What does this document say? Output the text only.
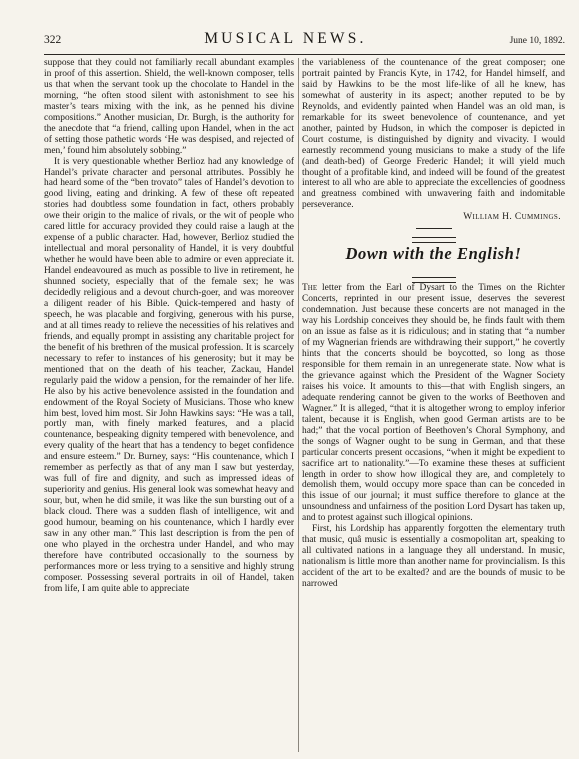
322	MUSICAL NEWS.	June 10, 1892.

suppose that they could not familiarly recall abundant examples in proof of this assertion. Shield, the well-known composer, tells us that when the servant took up the chocolate to Handel in the morning, “he often stood silent with astonishment to see his master’s tears mixing with the ink, as he penned his divine compositions.” Another musician, Dr. Burgh, is the authority for the anecdote that “a friend, calling upon Handel, when in the act of setting those pathetic words ‘He was despised, and rejected of men,’ found him absolutely sobbing.”

It is very questionable whether Berlioz had any knowledge of Handel’s private character and personal attributes. Possibly he had heard some of the “ben trovato” tales of Handel’s devotion to good living, eating and drinking. A few of these oft repeated stories had doubtless some foundation in fact, others probably owe their origin to the malice of rivals, or the wit of people who cared little for accuracy provided they could raise a laugh at the expense of a public character. Had, however, Berlioz studied the intellectual and moral personality of Handel, it is very doubtful whether he would have been able to admire or even appreciate it. Handel endeavoured as much as possible to live in retirement, he shunned society, especially that of the female sex; he was decidedly religious and a devout church-goer, and was moreover a diligent reader of his Bible. Quick-tempered and hasty of speech, he was placable and forgiving, generous with his purse, and at all times ready to relieve the necessities of his relatives and friends, and equally prompt in assisting any charitable project for the benefit of his brethren of the musical profession. It is scarcely necessary to refer to instances of his generosity; but it may be mentioned that on the death of his teacher, Zackau, Handel regularly paid the widow a pension, for the remainder of her life. He also by his active benevolence assisted in the foundation and endowment of the Royal Society of Musicians. Those who knew him best, loved him most. Sir John Hawkins says: “He was a tall, portly man, with finely marked features, and a placid countenance, bespeaking dignity tempered with benevolence, and every quality of the heart that has a tendency to beget confidence and ensure esteem.” Dr. Burney, says: “His countenance, which I remember as perfectly as that of any man I saw but yesterday, was full of fire and dignity, and such as impressed ideas of superiority and genius. His general look was somewhat heavy and sour, but, when he did smile, it was like the sun bursting out of a black cloud. There was a sudden flash of intelligence, wit and good humour, beaming on his countenance, which I hardly ever saw in any other man.” This last description is from the pen of one who played in the orchestra under Handel, and who may therefore have contributed occasionally to the sourness by performances more or less trying to a sensitive and highly strung composer. Possessing several portraits in oil of Handel, taken from life, I am quite able to appreciate

the variableness of the countenance of the great composer; one portrait painted by Francis Kyte, in 1742, for Handel himself, and said by Hawkins to be the most life-like of all he knew, has somewhat of austerity in its aspect; another reputed to be by Reynolds, and evidently painted when Handel was an old man, is remarkable for its sweet benevolence of countenance, and yet another, painted by Hudson, in which the composer is depicted in Court costume, is distinguished by dignity and vivacity. I would earnestly recommend young musicians to make a study of the life (and death-bed) of George Frederic Handel; it will yield much thought of a profitable kind, and indeed will be found of the greatest interest to all who are able to appreciate the excellencies of goodness and greatness combined with unwavering faith and indomitable perseverance.

William H. Cummings.
Down with the English!

The letter from the Earl of Dysart to the Times on the Richter Concerts, reprinted in our present issue, deserves the severest condemnation. Just because these concerts are not managed in the way his Lordship conceives they should be, he finds fault with them on an issue as false as it is ridiculous; and in stating that “a number of my Wagnerian friends are withdrawing their support,” he covertly hints that the concerts should be boycotted, so long as those responsible for them remain in an unregenerate state. Now what is the grievance against which the President of the Wagner Society raises his voice. It amounts to this—that with English singers, an adequate rendering cannot be given to the works of Beethoven and Wagner.” It is alleged, “that it is altogether wrong to employ inferior talent, because it is English, when good German artists are to be had;” that the vocal portion of Beethoven’s Choral Symphony, and the songs of Wagner ought to be sung in German, and that these particular concerts present occasions, “when it might be expedient to sacrifice art to nationality.”—To examine these theses at sufficient length in order to show how illogical they are, and completely to demolish them, would occupy more space than can be conceded in this issue of our journal; it must suffice therefore to glance at the unsoundness and unfairness of the position Lord Dysart has taken up, and to protest against such illogical opinions.

First, his Lordship has apparently forgotten the elementary truth that music, quâ music is essentially a cosmopolitan art, speaking to all cultivated nations in a language they all understand. In music, nationalism is little more than another name for provincialism. Is this accident of the art to be exalted? and are the bounds of music to be narrowed
